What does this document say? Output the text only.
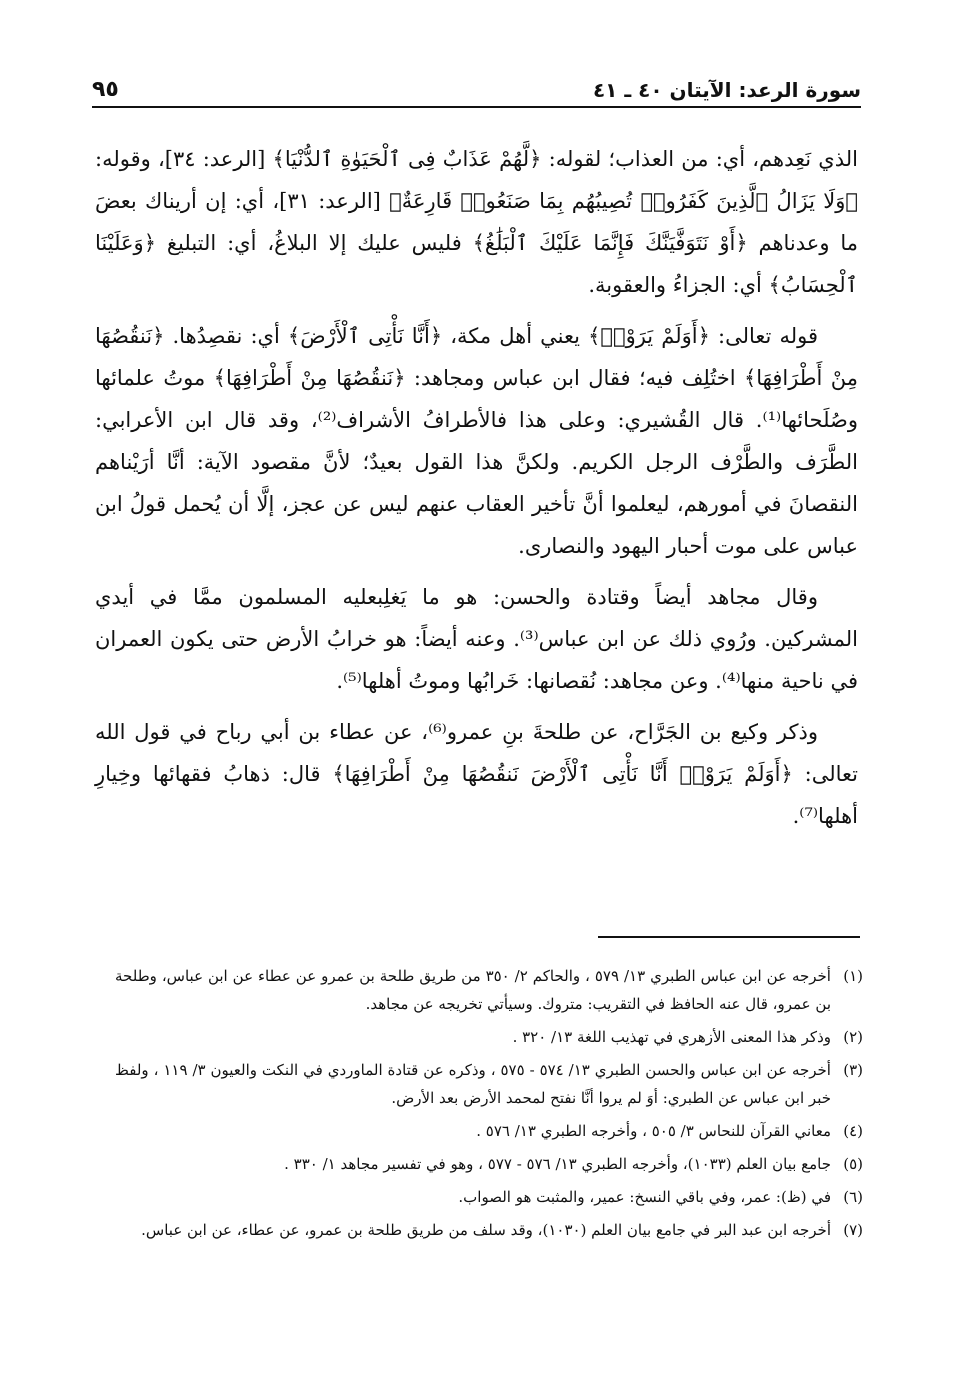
سورة الرعد: الآيتان ٤٠ ـ ٤١
٩٥

الذي نَعِدهم، أي: من العذاب؛ لقوله: ﴿لَّهُمْ عَذَابٌ فِى ٱلْحَيَوٰةِ ٱلدُّنْيَا﴾ [الرعد: ٣٤]، وقوله: ﴿وَلَا يَزَالُ ٱلَّذِينَ كَفَرُوا۟ تُصِيبُهُم بِمَا صَنَعُوا۟ قَارِعَةٌ﴾ [الرعد: ٣١]، أي: إن أريناك بعضَ ما وعدناهم ﴿أَوْ نَتَوَفَّيَنَّكَ فَإِنَّمَا عَلَيْكَ ٱلْبَلَٰغُ﴾ فليس عليك إلا البلاغُ، أي: التبليغ ﴿وَعَلَيْنَا ٱلْحِسَابُ﴾ أي: الجزاءُ والعقوبة.

قوله تعالى: ﴿أَوَلَمْ يَرَوْا۟﴾ يعني أهل مكة، ﴿أَنَّا نَأْتِى ٱلْأَرْضَ﴾ أي: نقصِدُها. ﴿نَنقُصُهَا مِنْ أَطْرَافِهَا﴾ اختُلِف فيه؛ فقال ابن عباس ومجاهد: ﴿نَنقُصُهَا مِنْ أَطْرَافِهَا﴾ موتُ علمائها وصُلَحائها⁽¹⁾. قال القُشيري: وعلى هذا فالأطرافُ الأشراف⁽²⁾، وقد قال ابن الأعرابي: الطَّرَف والطَّرْف الرجل الكريم. ولكنَّ هذا القول بعيدٌ؛ لأنَّ مقصود الآية: أنَّا أرَيْناهم النقصانَ في أمورهم، ليعلموا أنَّ تأخير العقاب عنهم ليس عن عجز، إلَّا أن يُحمل قولُ ابن عباس على موت أحبار اليهود والنصارى.

وقال مجاهد أيضاً وقتادة والحسن: هو ما يَغلِبعليه المسلمون ممَّا في أيدي المشركين. ورُوي ذلك عن ابن عباس⁽³⁾. وعنه أيضاً: هو خرابُ الأرض حتى يكون العمران في ناحية منها⁽⁴⁾. وعن مجاهد: نُقصانها: خَرابُها وموتُ أهلها⁽⁵⁾.

وذكر وكيع بن الجَرَّاح، عن طلحةَ بنِ عمرو⁽⁶⁾، عن عطاء بن أبي رباح في قول الله تعالى: ﴿أَوَلَمْ يَرَوْا۟ أَنَّا نَأْتِى ٱلْأَرْضَ نَنقُصُهَا مِنْ أَطْرَافِهَا﴾ قال: ذهابُ فقهائها وخِيارِ أهلها⁽⁷⁾.

(١)
أخرجه عن ابن عباس الطبري ١٣/ ٥٧٩ ، والحاكم ٢/ ٣٥٠ من طريق طلحة بن عمرو عن عطاء عن ابن عباس، وطلحة بن عمرو، قال عنه الحافظ في التقريب: متروك. وسيأتي تخريجه عن مجاهد.
(٢)
وذكر هذا المعنى الأزهري في تهذيب اللغة ١٣/ ٣٢٠ .
(٣)
أخرجه عن ابن عباس والحسن الطبري ١٣/ ٥٧٤ - ٥٧٥ ، وذكره عن قتادة الماوردي في النكت والعيون ٣/ ١١٩ ، ولفظ خبر ابن عباس عن الطبري: أوَ لم يروا أنَّا نفتح لمحمد الأرض بعد الأرض.
(٤)
معاني القرآن للنحاس ٣/ ٥٠٥ ، وأخرجه الطبري ١٣/ ٥٧٦ .
(٥)
جامع بيان العلم (١٠٣٣)، وأخرجه الطبري ١٣/ ٥٧٦ - ٥٧٧ ، وهو في تفسير مجاهد ١/ ٣٣٠ .
(٦)
في (ظ): عمر، وفي باقي النسخ: عمير، والمثبت هو الصواب.
(٧)
أخرجه ابن عبد البر في جامع بيان العلم (١٠٣٠)، وقد سلف من طريق طلحة بن عمرو، عن عطاء، عن ابن عباس.
